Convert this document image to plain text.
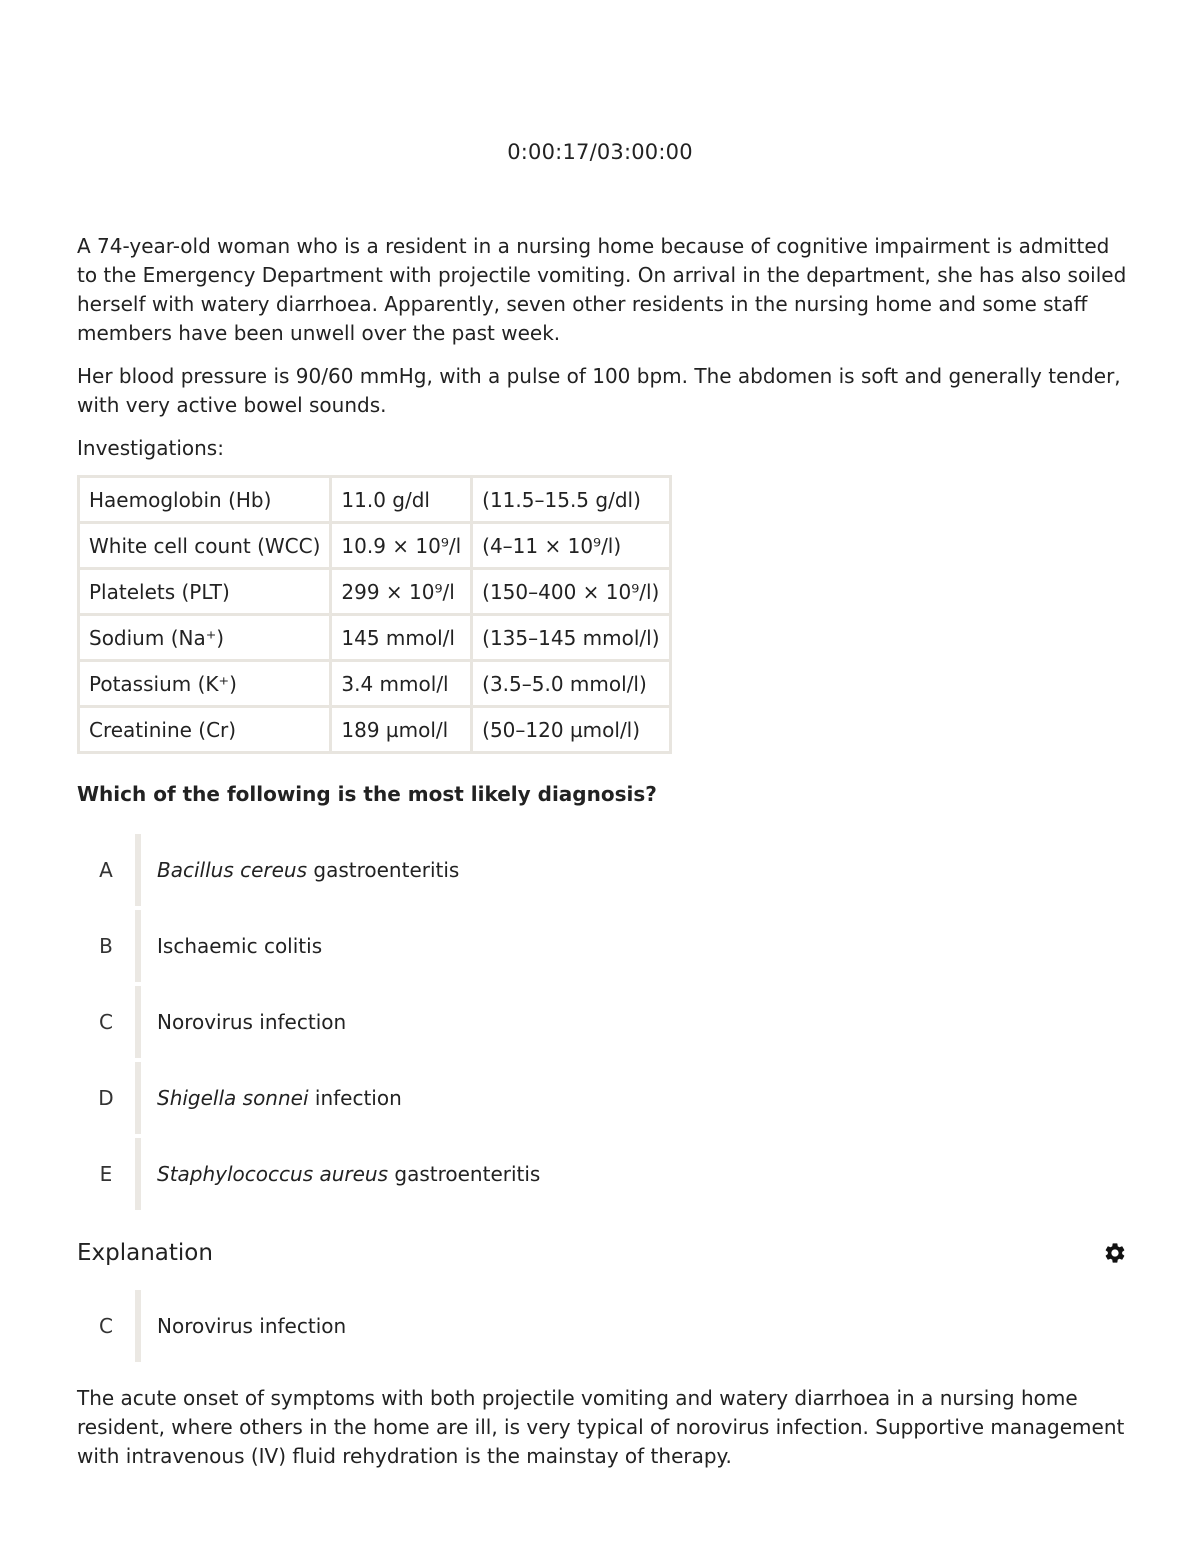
0:00:17/03:00:00

A 74-year-old woman who is a resident in a nursing home because of cognitive impairment is admitted to the Emergency Department with projectile vomiting. On arrival in the department, she has also soiled herself with watery diarrhoea. Apparently, seven other residents in the nursing home and some staff members have been unwell over the past week.

Her blood pressure is 90/60 mmHg, with a pulse of 100 bpm. The abdomen is soft and generally tender, with very active bowel sounds.

Investigations:

Haemoglobin (Hb)	11.0 g/dl	(11.5–15.5 g/dl)
White cell count (WCC)	10.9 × 10⁹/l	(4–11 × 10⁹/l)
Platelets (PLT)	299 × 10⁹/l	(150–400 × 10⁹/l)
Sodium (Na⁺)	145 mmol/l	(135–145 mmol/l)
Potassium (K⁺)	3.4 mmol/l	(3.5–5.0 mmol/l)
Creatinine (Cr)	189 µmol/l	(50–120 µmol/l)
Which of the following is the most likely diagnosis?
A	Bacillus cereus gastroenteritis
B	Ischaemic colitis
C	Norovirus infection
D	Shigella sonnei infection
E	Staphylococcus aureus gastroenteritis
Explanation
C	Norovirus infection

The acute onset of symptoms with both projectile vomiting and watery diarrhoea in a nursing home resident, where others in the home are ill, is very typical of norovirus infection. Supportive management with intravenous (IV) fluid rehydration is the mainstay of therapy.
